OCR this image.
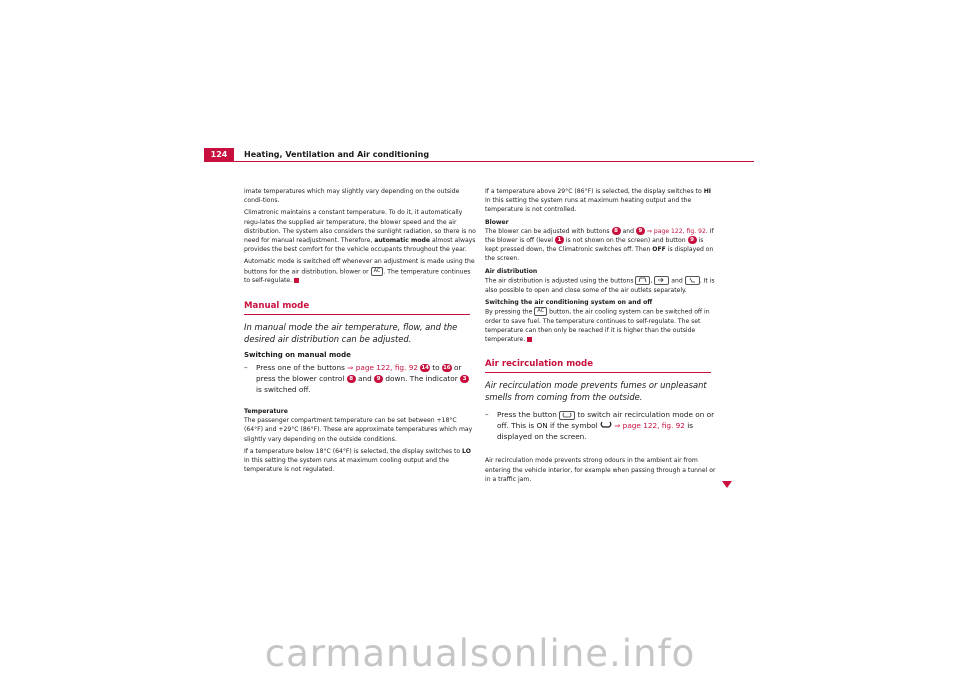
124	Heating, Ventilation and Air conditioning

imate temperatures which may slightly vary depending on the outside condi-tions.

Climatronic maintains a constant temperature. To do it, it automatically regu-lates the supplied air temperature, the blower speed and the air distribution. The system also considers the sunlight radiation, so there is no need for manual readjustment. Therefore, automatic mode almost always provides the best comfort for the vehicle occupants throughout the year.

Automatic mode is switched off whenever an adjustment is made using the buttons for the air distribution, blower or AC . The temperature continues to self-regulate.

Manual mode
In manual mode the air temperature, flow, and the desired air distribution can be adjusted.
Switching on manual mode
–	Press one of the buttons ⇒ page 122, fig. 92 14 to 16 or press the blower control 8 and 9 down. The indicator 3 is switched off.
Temperature

The passenger compartment temperature can be set between +18°C (64°F) and +29°C (86°F). These are approximate temperatures which may slightly vary depending on the outside conditions.

If a temperature below 18°C (64°F) is selected, the display switches to LO In this setting the system runs at maximum cooling output and the temperature is not regulated.

If a temperature above 29°C (86°F) is selected, the display switches to HI In this setting the system runs at maximum heating output and the temperature is not controlled.

Blower

The blower can be adjusted with buttons 8 and 9 ⇒ page 122, fig. 92. If the blower is off (level 1 is not shown on the screen) and button 9 is kept pressed down, the Climatronic switches off. Then OFF is displayed on the screen.

Air distribution

The air distribution is adjusted using the buttons	,	and	. It is also possible to open and close some of the air outlets separately.

Switching the air conditioning system on and off

By pressing the AC button, the air cooling system can be switched off in order to save fuel. The temperature continues to self-regulate. The set temperature can then only be reached if it is higher than the outside temperature.

Air recirculation mode
Air recirculation mode prevents fumes or unpleasant smells from coming from the outside.
–	Press the button	to switch air recirculation mode on or off. This is ON if the symbol ⇒ page 122, fig. 92 is displayed on the screen.

Air recirculation mode prevents strong odours in the ambient air from entering the vehicle interior, for example when passing through a tunnel or in a traffic jam.

carmanualsonline.info
